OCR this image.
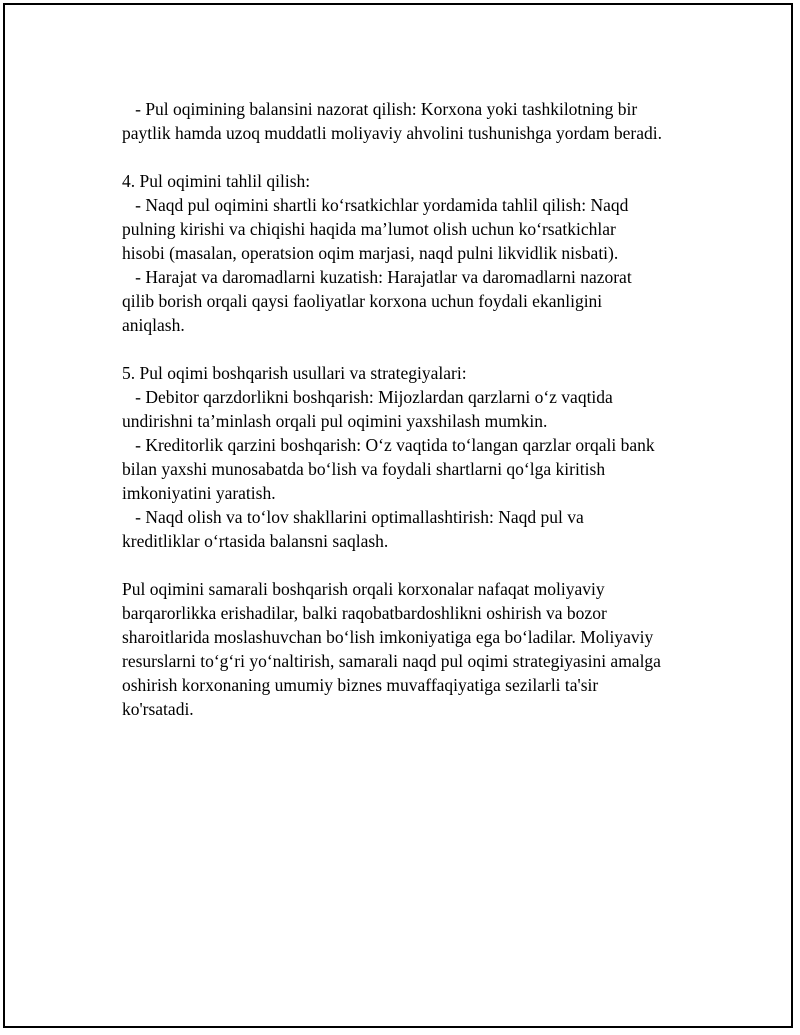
- Pul oqimining balansini nazorat qilish: Korxona yoki tashkilotning bir
paytlik hamda uzoq muddatli moliyaviy ahvolini tushunishga yordam beradi.
4. Pul oqimini tahlil qilish:
- Naqd pul oqimini shartli ko‘rsatkichlar yordamida tahlil qilish: Naqd
pulning kirishi va chiqishi haqida ma’lumot olish uchun ko‘rsatkichlar
hisobi (masalan, operatsion oqim marjasi, naqd pulni likvidlik nisbati).
- Harajat va daromadlarni kuzatish: Harajatlar va daromadlarni nazorat
qilib borish orqali qaysi faoliyatlar korxona uchun foydali ekanligini
aniqlash.
5. Pul oqimi boshqarish usullari va strategiyalari:
- Debitor qarzdorlikni boshqarish: Mijozlardan qarzlarni o‘z vaqtida
undirishni ta’minlash orqali pul oqimini yaxshilash mumkin.
- Kreditorlik qarzini boshqarish: O‘z vaqtida to‘langan qarzlar orqali bank
bilan yaxshi munosabatda bo‘lish va foydali shartlarni qo‘lga kiritish
imkoniyatini yaratish.
- Naqd olish va to‘lov shakllarini optimallashtirish: Naqd pul va
kreditliklar o‘rtasida balansni saqlash.
Pul oqimini samarali boshqarish orqali korxonalar nafaqat moliyaviy
barqarorlikka erishadilar, balki raqobatbardoshlikni oshirish va bozor
sharoitlarida moslashuvchan bo‘lish imkoniyatiga ega bo‘ladilar. Moliyaviy
resurslarni to‘g‘ri yo‘naltirish, samarali naqd pul oqimi strategiyasini amalga
oshirish korxonaning umumiy biznes muvaffaqiyatiga sezilarli ta'sir
ko'rsatadi.
